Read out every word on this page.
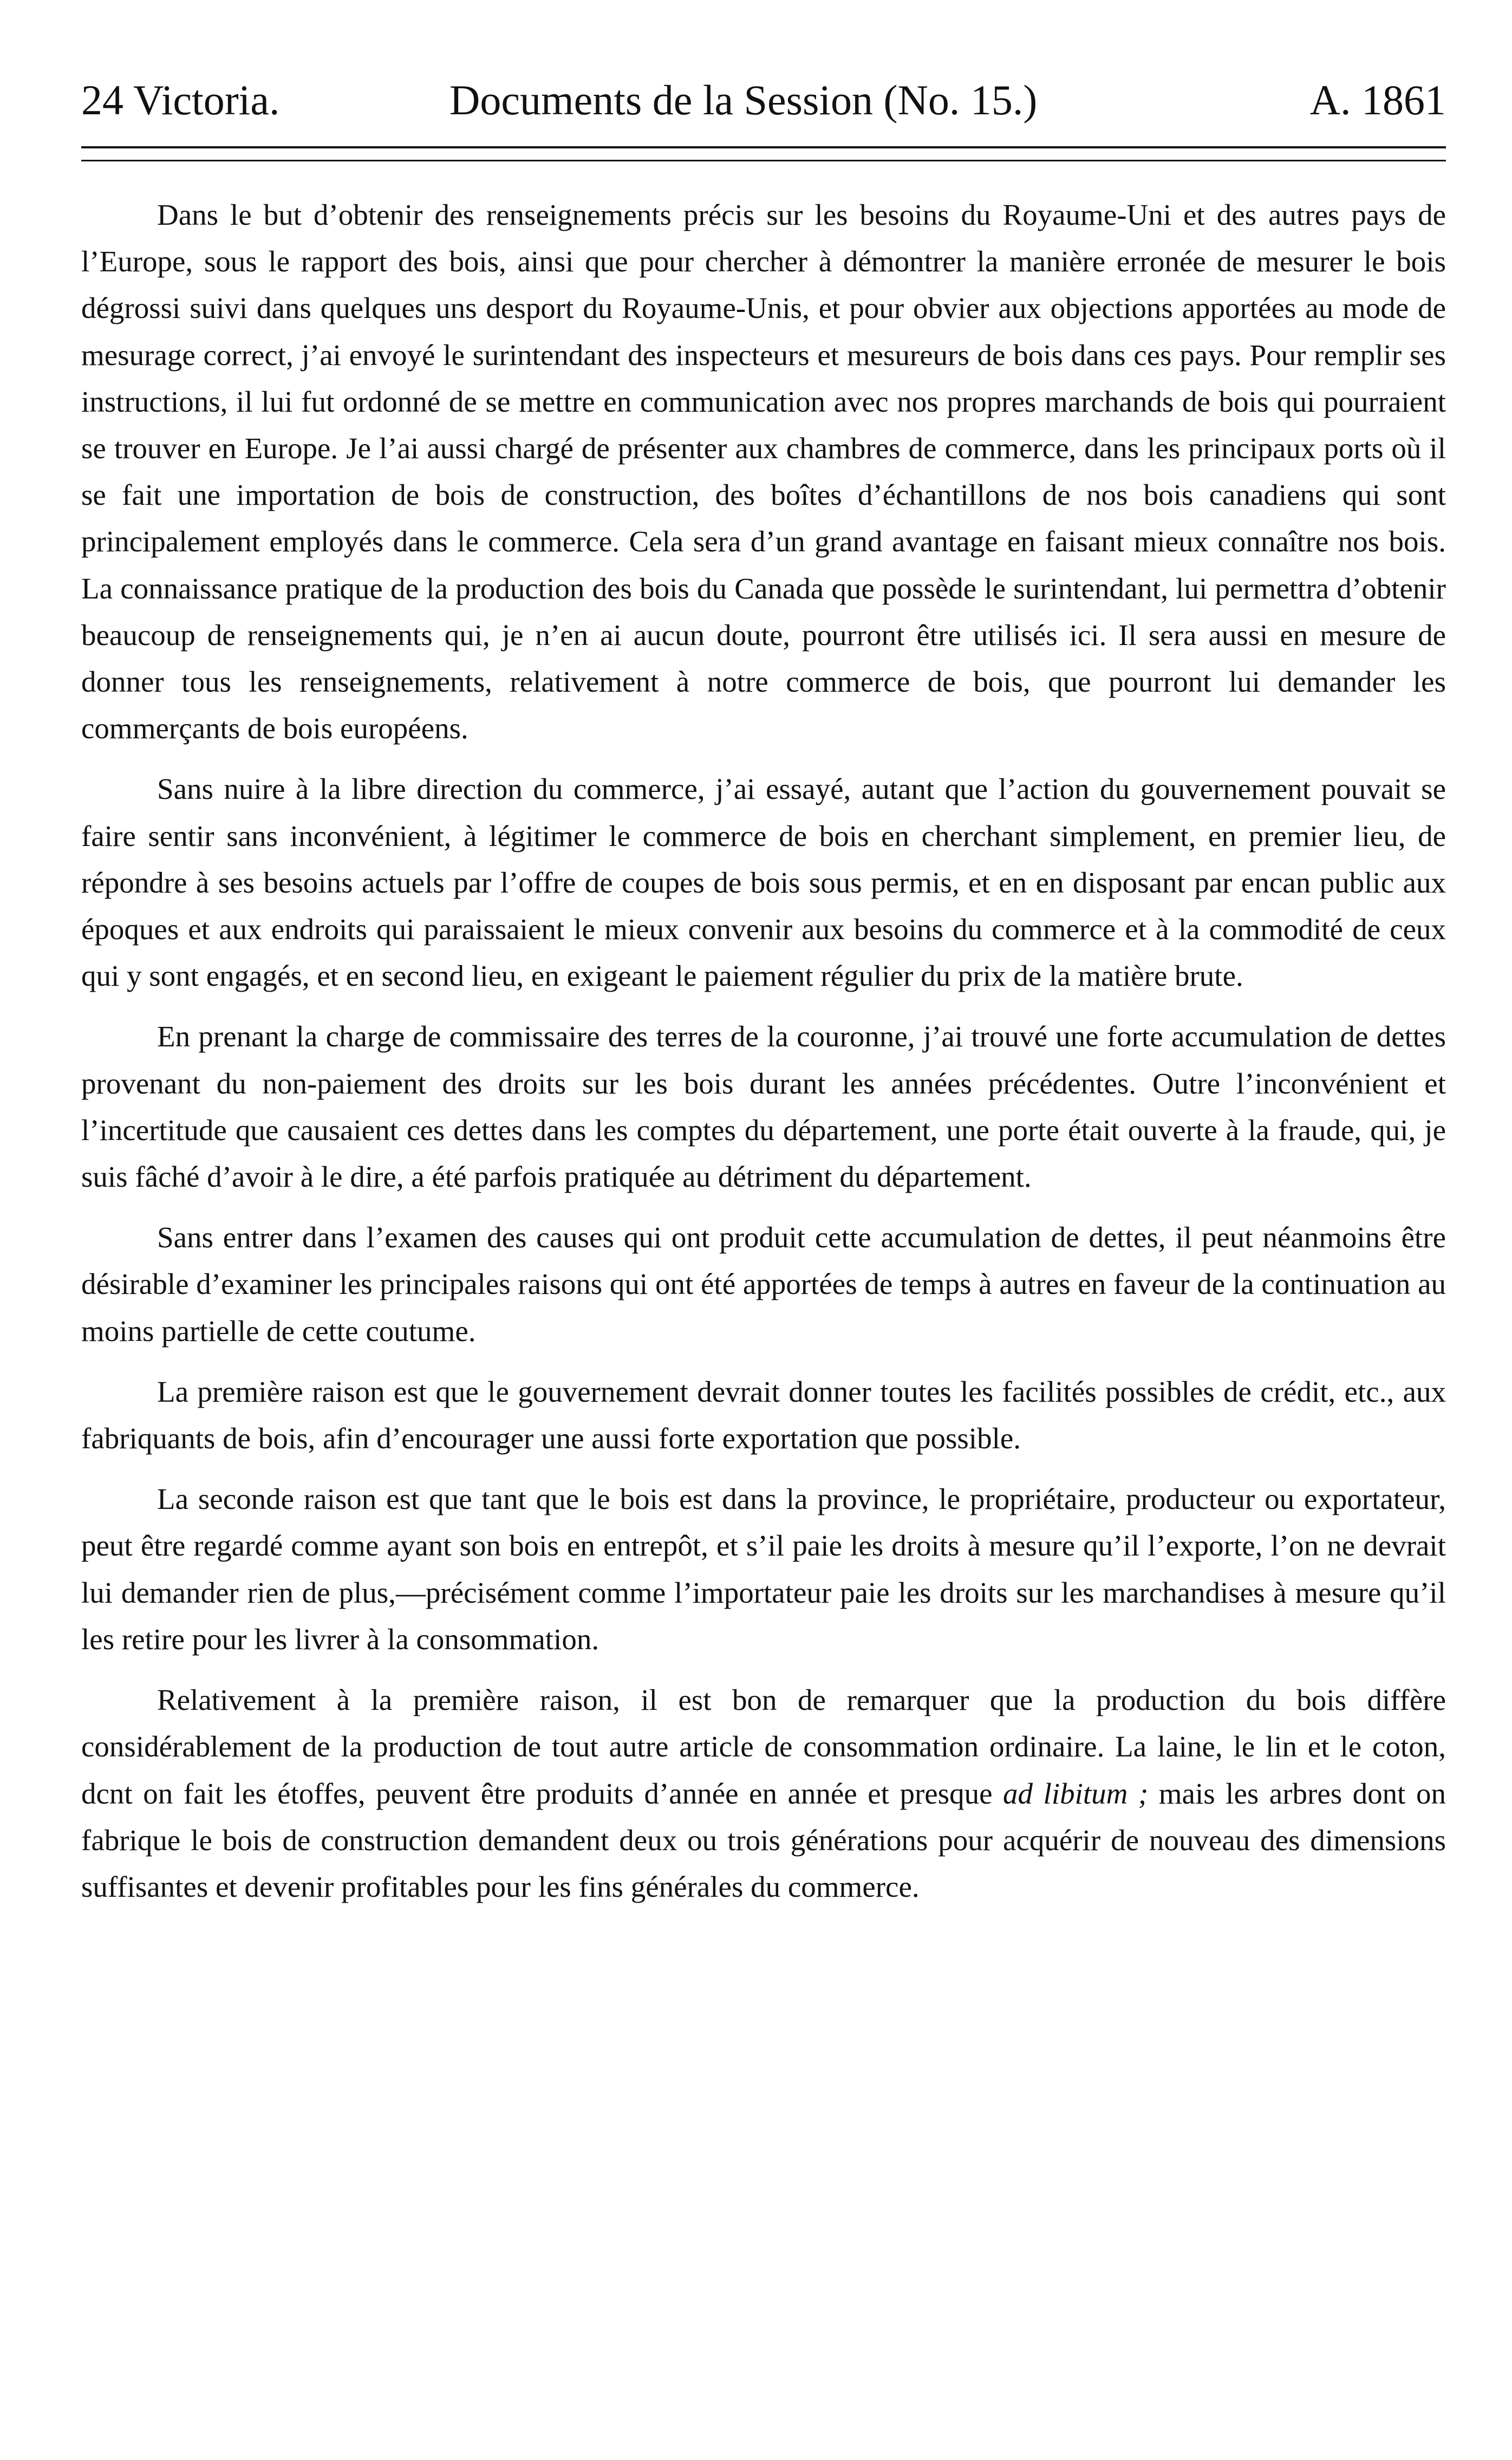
24 Victoria.	Documents de la Session (No. 15.)	A. 1861

Dans le but d’obtenir des renseignements précis sur les besoins du Royaume-Uni et des autres pays de l’Europe, sous le rapport des bois, ainsi que pour chercher à démontrer la manière erronée de mesurer le bois dégrossi suivi dans quelques uns desport du Royaume-Unis, et pour obvier aux objections apportées au mode de mesurage correct, j’ai envoyé le surintendant des inspecteurs et mesureurs de bois dans ces pays. Pour remplir ses instructions, il lui fut ordonné de se mettre en communication avec nos propres marchands de bois qui pourraient se trouver en Europe. Je l’ai aussi chargé de présenter aux chambres de commerce, dans les principaux ports où il se fait une importation de bois de construction, des boîtes d’échantillons de nos bois canadiens qui sont principalement employés dans le commerce. Cela sera d’un grand avantage en faisant mieux connaître nos bois. La connaissance pratique de la production des bois du Canada que possède le surintendant, lui permettra d’obtenir beaucoup de renseignements qui, je n’en ai aucun doute, pourront être utilisés ici. Il sera aussi en mesure de donner tous les renseignements, relativement à notre commerce de bois, que pourront lui demander les commerçants de bois européens.

Sans nuire à la libre direction du commerce, j’ai essayé, autant que l’action du gouvernement pouvait se faire sentir sans inconvénient, à légitimer le commerce de bois en cherchant simplement, en premier lieu, de répondre à ses besoins actuels par l’offre de coupes de bois sous permis, et en en disposant par encan public aux époques et aux endroits qui paraissaient le mieux convenir aux besoins du commerce et à la commodité de ceux qui y sont engagés, et en second lieu, en exigeant le paiement régulier du prix de la matière brute.

En prenant la charge de commissaire des terres de la couronne, j’ai trouvé une forte accumulation de dettes provenant du non-paiement des droits sur les bois durant les années précédentes. Outre l’inconvénient et l’incertitude que causaient ces dettes dans les comptes du département, une porte était ouverte à la fraude, qui, je suis fâché d’avoir à le dire, a été parfois pratiquée au détriment du département.

Sans entrer dans l’examen des causes qui ont produit cette accumulation de dettes, il peut néanmoins être désirable d’examiner les principales raisons qui ont été apportées de temps à autres en faveur de la continuation au moins partielle de cette coutume.

La première raison est que le gouvernement devrait donner toutes les facilités possibles de crédit, etc., aux fabriquants de bois, afin d’encourager une aussi forte exportation que possible.

La seconde raison est que tant que le bois est dans la province, le propriétaire, producteur ou exportateur, peut être regardé comme ayant son bois en entrepôt, et s’il paie les droits à mesure qu’il l’exporte, l’on ne devrait lui demander rien de plus,—précisément comme l’importateur paie les droits sur les marchandises à mesure qu’il les retire pour les livrer à la consommation.

Relativement à la première raison, il est bon de remarquer que la production du bois diffère considérablement de la production de tout autre article de consommation ordinaire. La laine, le lin et le coton, dcnt on fait les étoffes, peuvent être produits d’année en année et presque ad libitum ; mais les arbres dont on fabrique le bois de construction demandent deux ou trois générations pour acquérir de nouveau des dimensions suffisantes et devenir profitables pour les fins générales du commerce.
